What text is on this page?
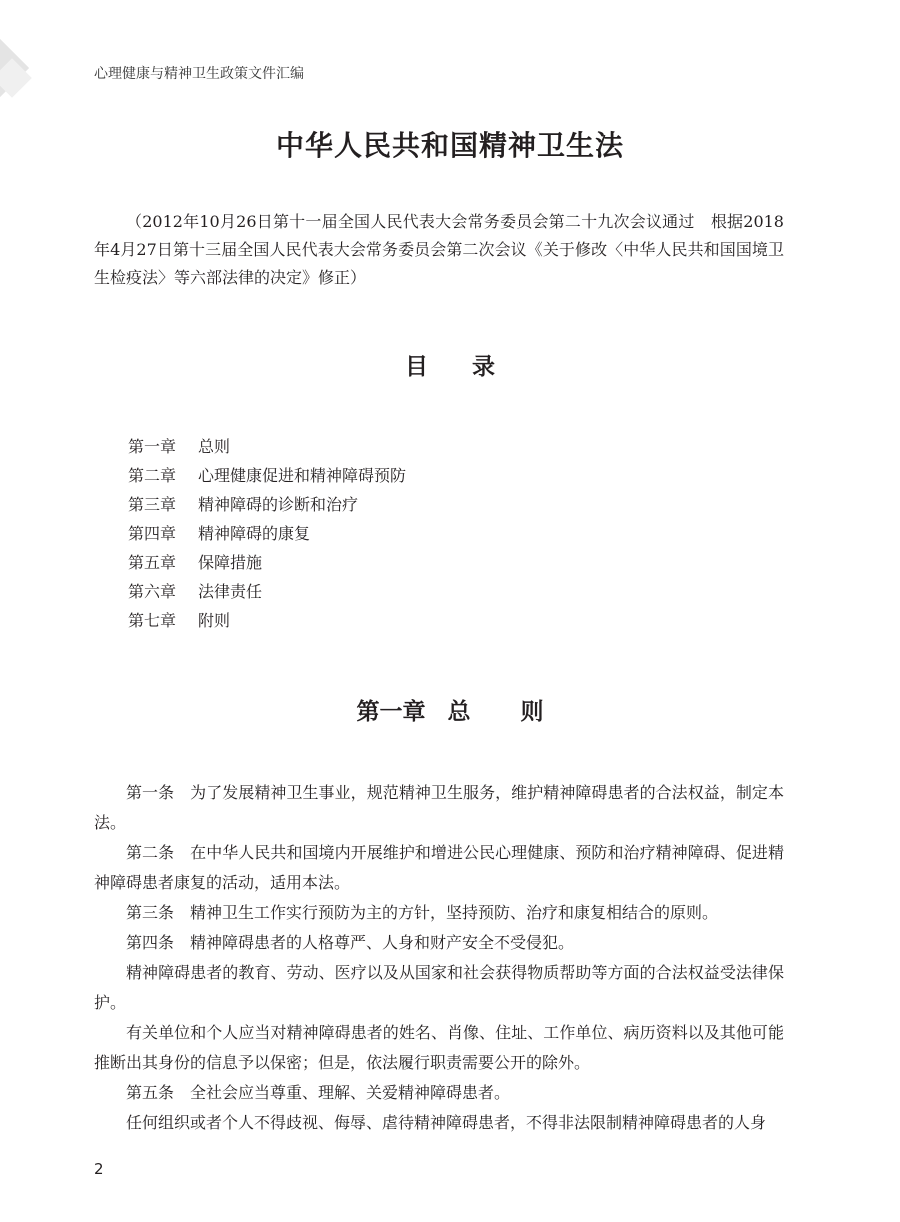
心理健康与精神卫生政策文件汇编
中华人民共和国精神卫生法
（2012年10月26日第十一届全国人民代表大会常务委员会第二十九次会议通过　根据2018年4月27日第十三届全国人民代表大会常务委员会第二次会议《关于修改〈中华人民共和国国境卫生检疫法〉等六部法律的决定》修正）
目 录
第一章 总则
第二章 心理健康促进和精神障碍预防
第三章 精神障碍的诊断和治疗
第四章 精神障碍的康复
第五章 保障措施
第六章 法律责任
第七章 附则
第一章 总 则

第一条 为了发展精神卫生事业，规范精神卫生服务，维护精神障碍患者的合法权益，制定本法。

第二条 在中华人民共和国境内开展维护和增进公民心理健康、预防和治疗精神障碍、促进精神障碍患者康复的活动，适用本法。

第三条 精神卫生工作实行预防为主的方针，坚持预防、治疗和康复相结合的原则。

第四条 精神障碍患者的人格尊严、人身和财产安全不受侵犯。

精神障碍患者的教育、劳动、医疗以及从国家和社会获得物质帮助等方面的合法权益受法律保护。

有关单位和个人应当对精神障碍患者的姓名、肖像、住址、工作单位、病历资料以及其他可能推断出其身份的信息予以保密；但是，依法履行职责需要公开的除外。

第五条 全社会应当尊重、理解、关爱精神障碍患者。

任何组织或者个人不得歧视、侮辱、虐待精神障碍患者，不得非法限制精神障碍患者的人身

2
